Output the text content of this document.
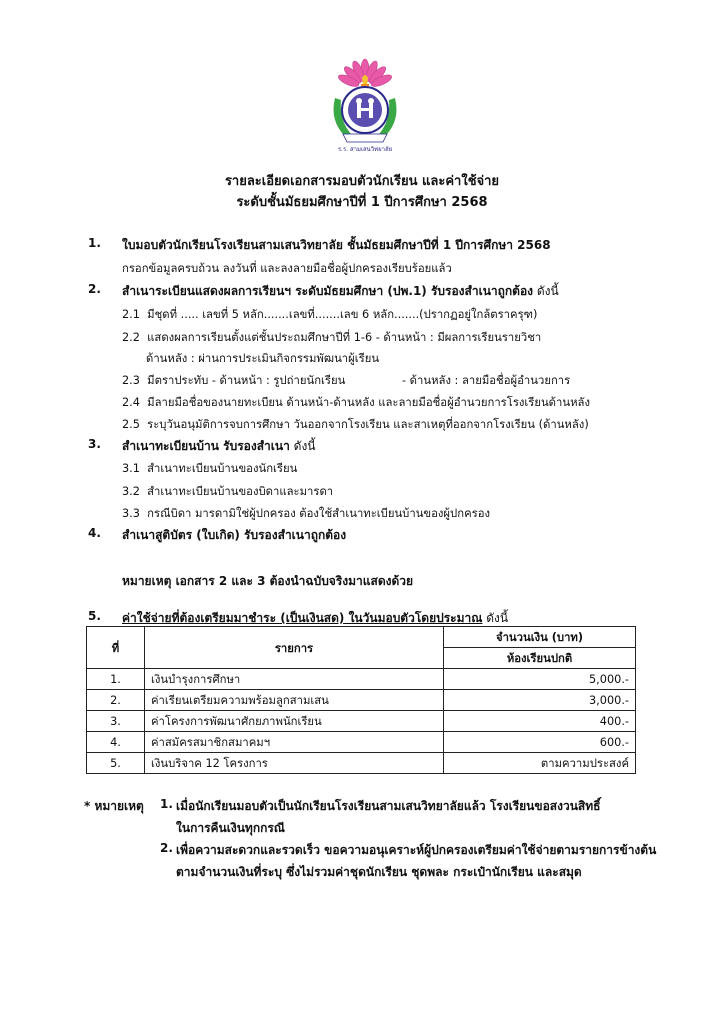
ร.ร. สามเสนวิทยาลัย
รายละเอียดเอกสารมอบตัวนักเรียน และค่าใช้จ่าย
ระดับชั้นมัธยมศึกษาปีที่ 1 ปีการศึกษา 2568
1. ใบมอบตัวนักเรียนโรงเรียนสามเสนวิทยาลัย ชั้นมัธยมศึกษาปีที่ 1 ปีการศึกษา 2568
กรอกข้อมูลครบถ้วน ลงวันที่ และลงลายมือชื่อผู้ปกครองเรียบร้อยแล้ว
2. สำเนาระเบียนแสดงผลการเรียนฯ ระดับมัธยมศึกษา (ปพ.1) รับรองสำเนาถูกต้อง ดังนี้
2.1 มีชุดที่ ..... เลขที่ 5 หลัก.......เลขที่.......เลข 6 หลัก.......(ปรากฏอยู่ใกล้ตราครุฑ)
2.2 แสดงผลการเรียนตั้งแต่ชั้นประถมศึกษาปีที่ 1-6 - ด้านหน้า : มีผลการเรียนรายวิชา
ด้านหลัง : ผ่านการประเมินกิจกรรมพัฒนาผู้เรียน
2.3 มีตราประทับ - ด้านหน้า : รูปถ่ายนักเรียน	- ด้านหลัง : ลายมือชื่อผู้อำนวยการ
2.4 มีลายมือชื่อของนายทะเบียน ด้านหน้า-ด้านหลัง และลายมือชื่อผู้อำนวยการโรงเรียนด้านหลัง
2.5 ระบุวันอนุมัติการจบการศึกษา วันออกจากโรงเรียน และสาเหตุที่ออกจากโรงเรียน (ด้านหลัง)
3. สำเนาทะเบียนบ้าน รับรองสำเนา ดังนี้
3.1 สำเนาทะเบียนบ้านของนักเรียน
3.2 สำเนาทะเบียนบ้านของบิดาและมารดา
3.3 กรณีบิดา มารดามิใช่ผู้ปกครอง ต้องใช้สำเนาทะเบียนบ้านของผู้ปกครอง
4. สำเนาสูติบัตร (ใบเกิด) รับรองสำเนาถูกต้อง
หมายเหตุ เอกสาร 2 และ 3 ต้องนำฉบับจริงมาแสดงด้วย
5. ค่าใช้จ่ายที่ต้องเตรียมมาชำระ (เป็นเงินสด) ในวันมอบตัวโดยประมาณ ดังนี้
ที่	รายการ	จำนวนเงิน (บาท)
		ห้องเรียนปกติ
1.	เงินบำรุงการศึกษา	5,000.-
2.	ค่าเรียนเตรียมความพร้อมลูกสามเสน	3,000.-
3.	ค่าโครงการพัฒนาศักยภาพนักเรียน	400.-
4.	ค่าสมัครสมาชิกสมาคมฯ	600.-
5.	เงินบริจาค 12 โครงการ	ตามความประสงค์
* หมายเหตุ 1. เมื่อนักเรียนมอบตัวเป็นนักเรียนโรงเรียนสามเสนวิทยาลัยแล้ว โรงเรียนขอสงวนสิทธิ์
ในการคืนเงินทุกกรณี
2. เพื่อความสะดวกและรวดเร็ว ขอความอนุเคราะห์ผู้ปกครองเตรียมค่าใช้จ่ายตามรายการข้างต้น
ตามจำนวนเงินที่ระบุ ซึ่งไม่รวมค่าชุดนักเรียน ชุดพละ กระเป๋านักเรียน และสมุด
